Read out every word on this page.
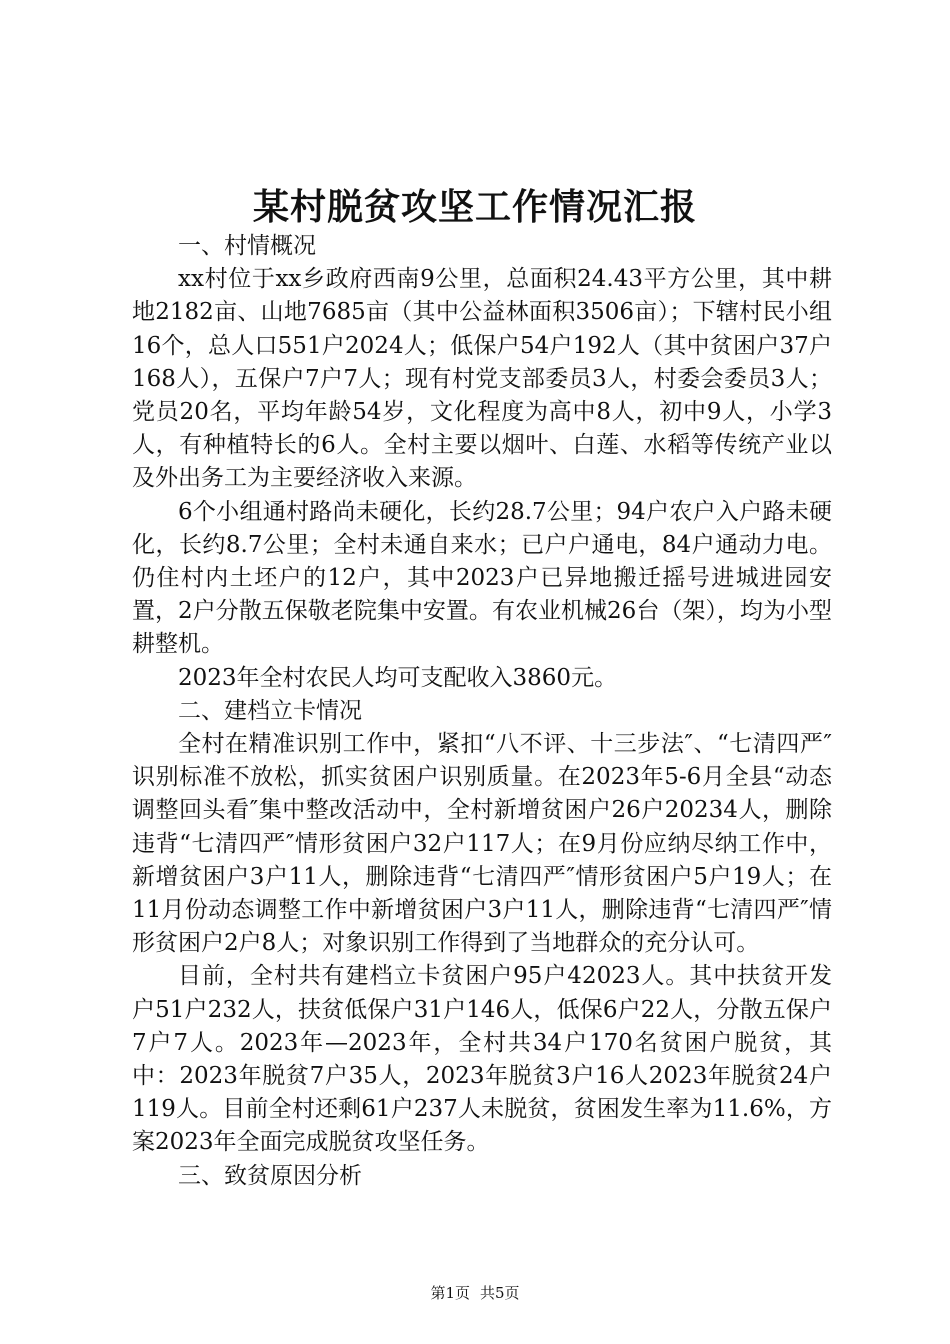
某村脱贫攻坚工作情况汇报

一、村情概况

xx村位于xx乡政府西南9公里，总面积24.43平方公里，其中耕地2182亩、山地7685亩（其中公益林面积3506亩）；下辖村民小组16个，总人口551户2024人；低保户54户192人（其中贫困户37户168人），五保户7户7人；现有村党支部委员3人，村委会委员3人；党员20名，平均年龄54岁，文化程度为高中8人，初中9人，小学3人，有种植特长的6人。全村主要以烟叶、白莲、水稻等传统产业以及外出务工为主要经济收入来源。

6个小组通村路尚未硬化，长约28.7公里；94户农户入户路未硬化，长约8.7公里；全村未通自来水；已户户通电，84户通动力电。仍住村内土坯户的12户，其中2023户已异地搬迁摇号进城进园安置，2户分散五保敬老院集中安置。有农业机械26台（架），均为小型耕整机。

2023年全村农民人均可支配收入3860元。

二、建档立卡情况

全村在精准识别工作中，紧扣“八不评、十三步法″、“七清四严″识别标准不放松，抓实贫困户识别质量。在2023年5-6月全县“动态调整回头看″集中整改活动中，全村新增贫困户26户20234人，删除违背“七清四严″情形贫困户32户117人；在9月份应纳尽纳工作中，新增贫困户3户11人，删除违背“七清四严″情形贫困户5户19人；在11月份动态调整工作中新增贫困户3户11人，删除违背“七清四严″情形贫困户2户8人；对象识别工作得到了当地群众的充分认可。

目前，全村共有建档立卡贫困户95户42023人。其中扶贫开发户51户232人，扶贫低保户31户146人，低保6户22人，分散五保户7户7人。2023年—2023年，全村共34户170名贫困户脱贫，其中：2023年脱贫7户35人，2023年脱贫3户16人2023年脱贫24户119人。目前全村还剩61户237人未脱贫，贫困发生率为11.6%，方案2023年全面完成脱贫攻坚任务。

三、致贫原因分析

第1页 共5页
